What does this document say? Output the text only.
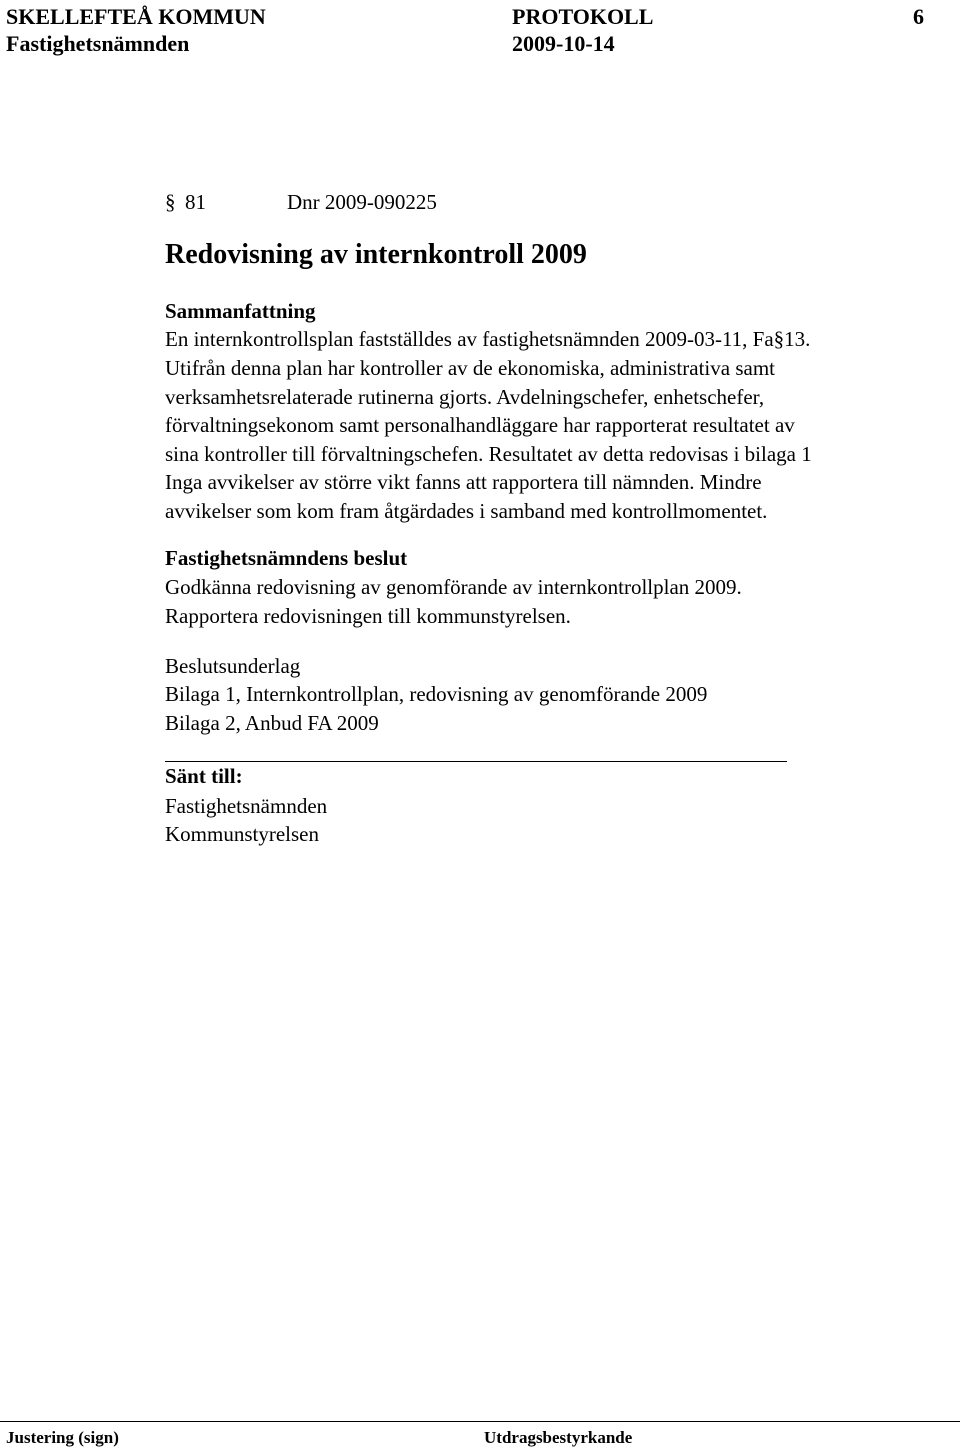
SKELLEFTEÅ KOMMUN	PROTOKOLL	6
Fastighetsnämnden	2009-10-14
§ 81	Dnr 2009-090225
Redovisning av internkontroll 2009
Sammanfattning
En internkontrollsplan fastställdes av fastighetsnämnden 2009-03-11, Fa§13.
Utifrån denna plan har kontroller av de ekonomiska, administrativa samt
verksamhetsrelaterade rutinerna gjorts. Avdelningschefer, enhetschefer,
förvaltningsekonom samt personalhandläggare har rapporterat resultatet av
sina kontroller till förvaltningschefen. Resultatet av detta redovisas i bilaga 1
Inga avvikelser av större vikt fanns att rapportera till nämnden. Mindre
avvikelser som kom fram åtgärdades i samband med kontrollmomentet.
Fastighetsnämndens beslut
Godkänna redovisning av genomförande av internkontrollplan 2009.
Rapportera redovisningen till kommunstyrelsen.
Beslutsunderlag
Bilaga 1, Internkontrollplan, redovisning av genomförande 2009
Bilaga 2, Anbud FA 2009
Sänt till:
Fastighetsnämnden
Kommunstyrelsen
Justering (sign)	Utdragsbestyrkande
